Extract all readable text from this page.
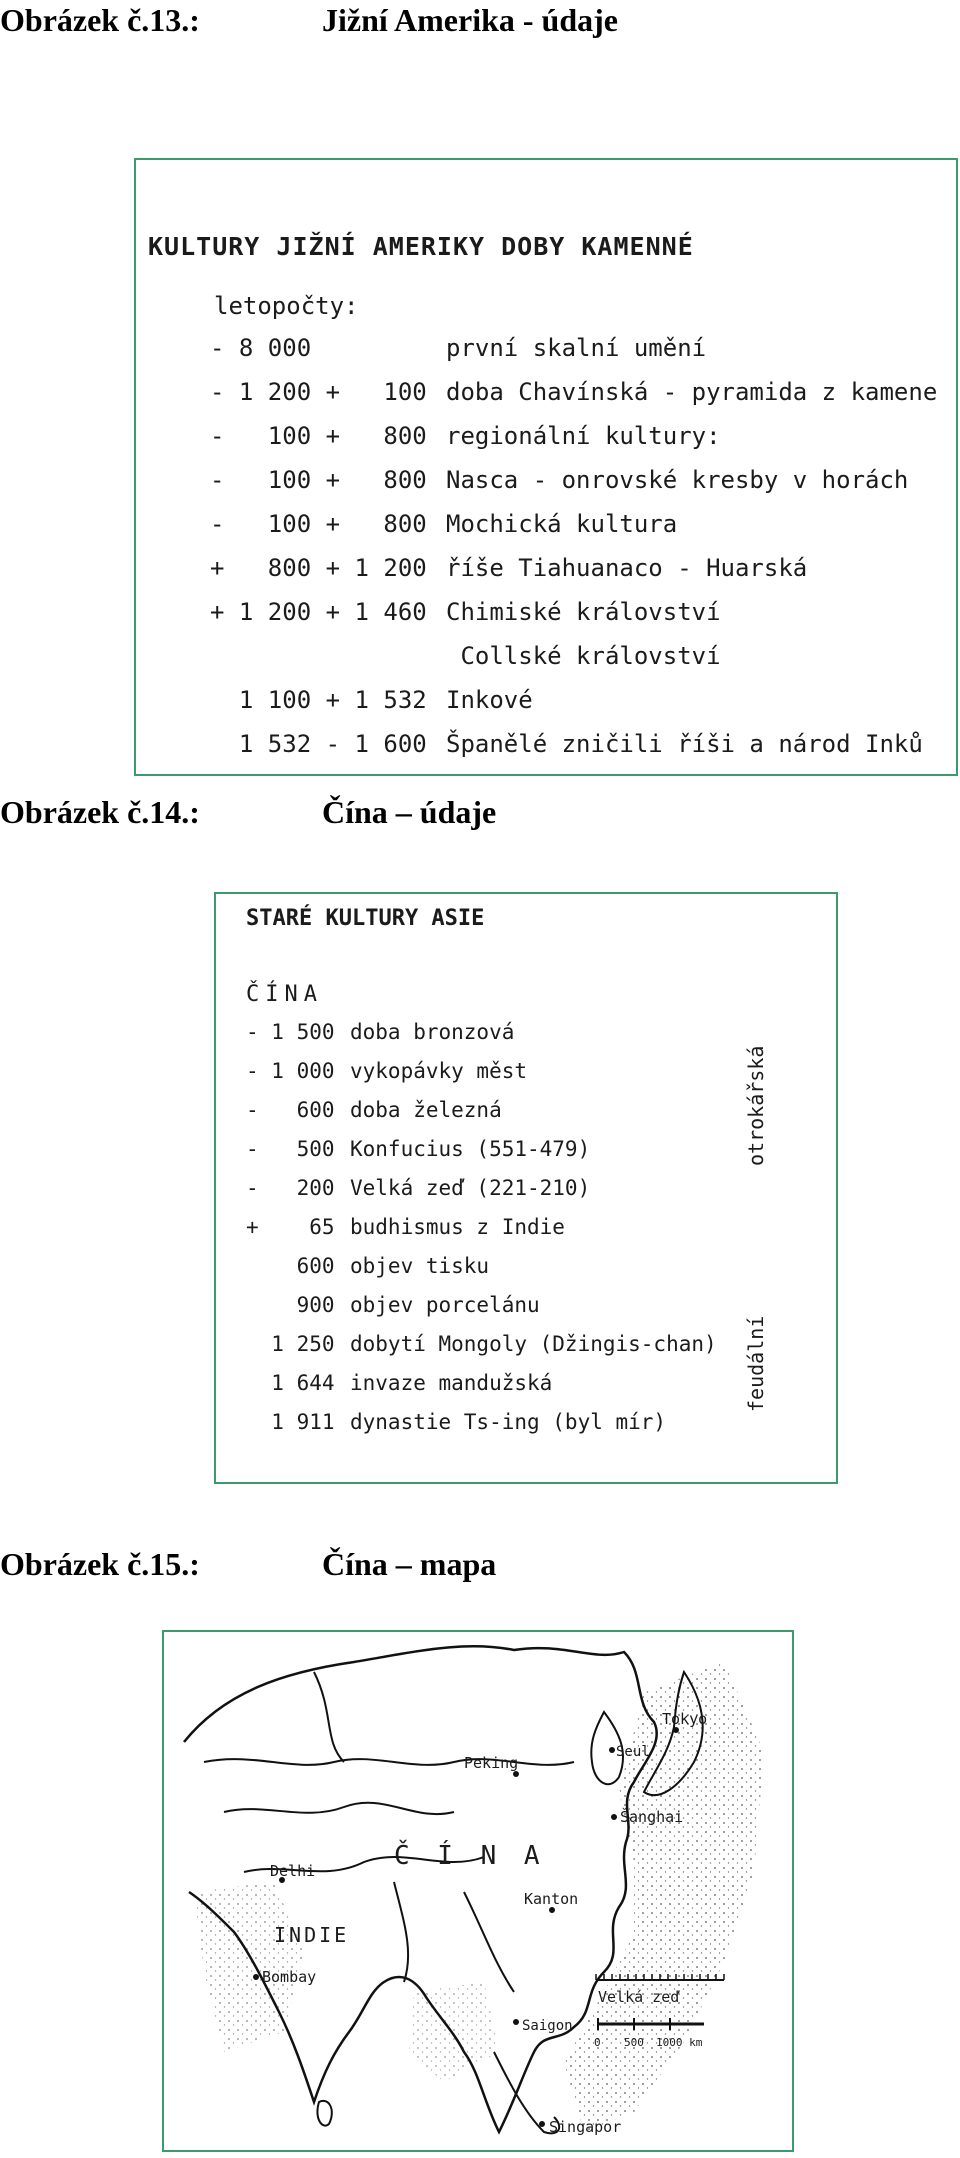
Obrázek č.13.:	Jižní Amerika - údaje
KULTURY JIŽNÍ AMERIKY DOBY KAMENNÉ
letopočty:
- 8 000	první skalní umění
- 1 200 +   100 doba Chavínská - pyramida z kamene
-   100 +   800 regionální kultury:
-   100 +   800 Nasca - onrovské kresby v horách
-   100 +   800 Mochická kultura
+   800 + 1 200 říše Tiahuanaco - Huarská
+ 1 200 + 1 460 Chimiské království
Collské království
1 100 + 1 532 Inkové
1 532 - 1 600 Španělé zničili říši a národ Inků
Obrázek č.14.:	Čína – údaje
STARÉ KULTURY ASIE
ČÍNA
- 1 500 doba bronzová
- 1 000 vykopávky měst
-   600 doba železná
-   500 Konfucius (551-479)
-   200 Velká zeď (221-210)
+    65 budhismus z Indie
600 objev tisku
900 objev porcelánu
1 250 dobytí Mongoly (Džingis-chan)
1 644 invaze mandužská
1 911 dynastie Ts-ing (byl mír)
otrokářská
feudální
Obrázek č.15.:	Čína – mapa
Č Í N A
INDIE
Tokyo
Seul
Peking
Šanghai
Delhi
Kanton
Bombay
Saigon
Singapor
Velká zeď
0 500 1000 km
